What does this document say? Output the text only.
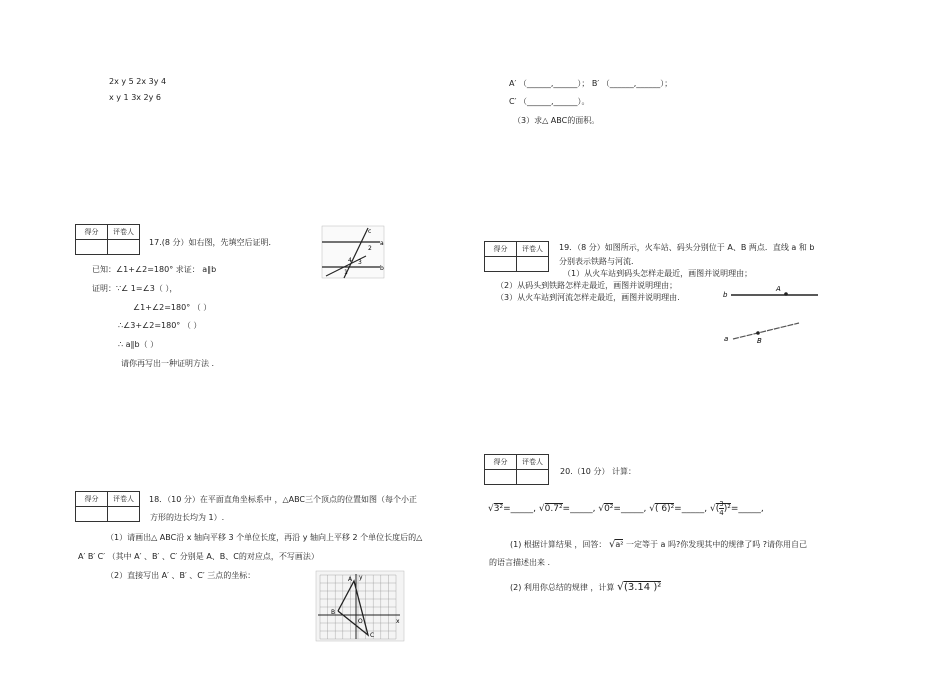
2x y 5 2x 3y 4
x y 1 3x 2y 6
A′ （______,______）； B′ （______,______）；
C′ （______,______）。
（3）求△ ABC的面积。
得分	评卷人

17.(8 分）如右图，先填空后证明．
已知：∠1+∠2=180° 求证： a∥b
证明：∵∠ 1=∠3（ ），
∠1+∠2=180° （ ）
∴∠3+∠2=180° （ ）
∴ a∥b（ ）
请你再写出一种证明方法 .
c
2
a
4 3
1
b
得分	评卷人
	18．（10 分）在平面直角坐标系中 ，△ABC三个顶点的位置如图（每个小正
方形的边长均为 1）.
（1）请画出△ ABC沿 x 轴向平移 3 个单位长度，再沿 y 轴向上平移 2 个单位长度后的△
A′ B′ C′ （其中 A′ 、B′ 、C′ 分别是 A、B、C的对应点，不写画法）
（2）直接写出 A′ 、B′ 、C′ 三点的坐标：	y
x
O
A
B
C
得分	评卷人
	19．（8 分）如图所示，火车站、码头分别位于 A、B 两点．直线 a 和 b
分别表示铁路与河流．
（1）从火车站到码头怎样走最近，画图并说明理由；
（2）从码头到铁路怎样走最近，画图并说明理由；
（3）从火车站到河流怎样走最近，画图并说明理由.	b
A
a	B
得分	评卷人

20.（10 分） 计算：
√3²=_____, √0.7²=_____, √0²=_____, √( 6)²=_____, √( $\frac{3}{4}$ )²=_____,
(1) 根据计算结果 ，回答： √a² 一定等于 a 吗?你发现其中的规律了吗 ?请你用自己
的语言描述出来 .
(2) 利用你总结的规律 ，计算 √(3.14 )²
